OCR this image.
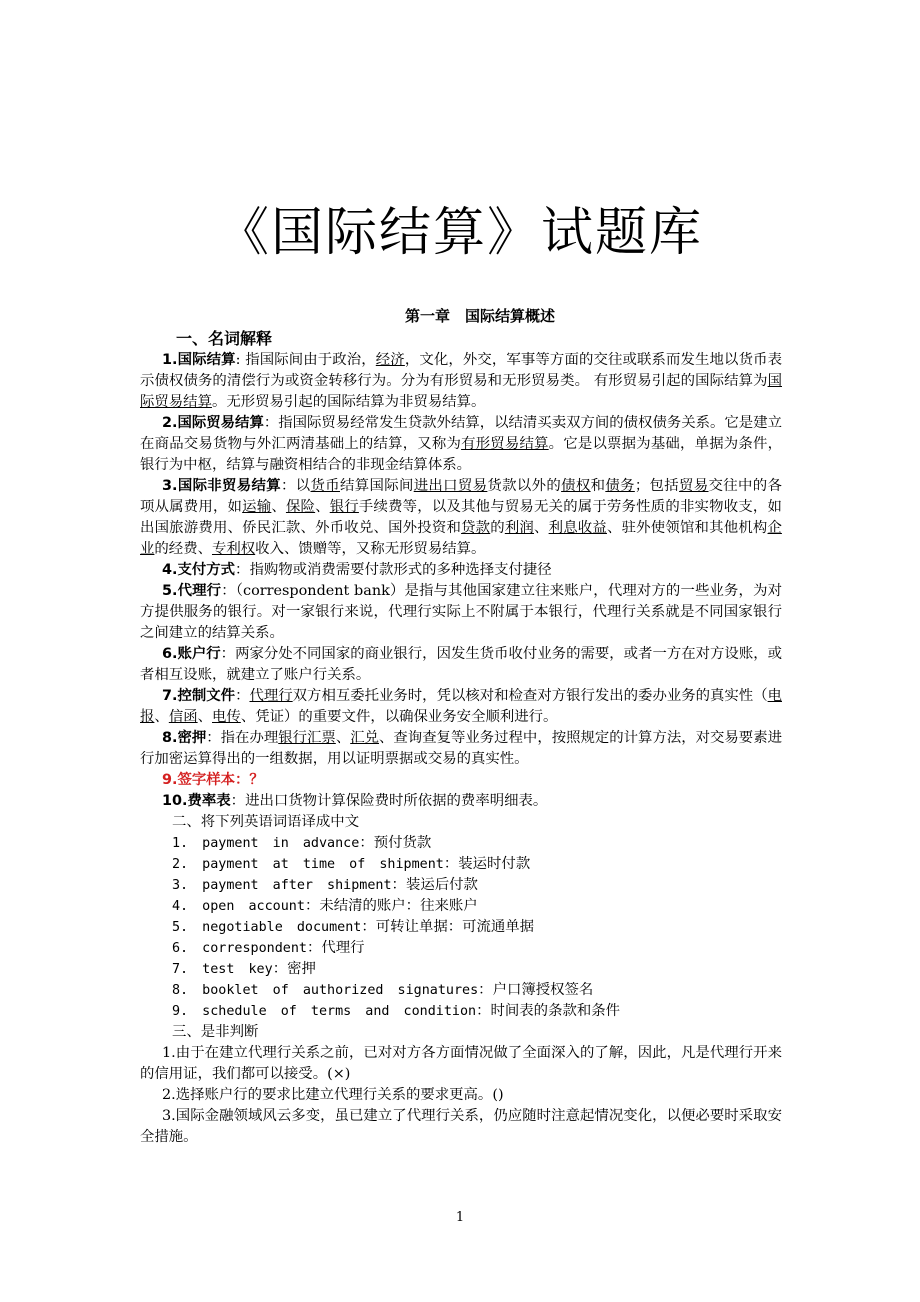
《国际结算》试题库
第一章　国际结算概述

一、名词解释

1.国际结算: 指国际间由于政治，经济，文化，外交，军事等方面的交往或联系而发生地以货币表示债权债务的清偿行为或资金转移行为。分为有形贸易和无形贸易类。 有形贸易引起的国际结算为国际贸易结算。无形贸易引起的国际结算为非贸易结算。

2.国际贸易结算：指国际贸易经常发生贷款外结算，以结清买卖双方间的债权债务关系。它是建立在商品交易货物与外汇两清基础上的结算，又称为有形贸易结算。它是以票据为基础，单据为条件，银行为中枢，结算与融资相结合的非现金结算体系。

3.国际非贸易结算：以货币结算国际间进出口贸易货款以外的债权和债务；包括贸易交往中的各项从属费用，如运输、保险、银行手续费等，以及其他与贸易无关的属于劳务性质的非实物收支，如出国旅游费用、侨民汇款、外币收兑、国外投资和贷款的利润、利息收益、驻外使领馆和其他机构企业的经费、专利权收入、馈赠等，又称无形贸易结算。

4.支付方式：指购物或消费需要付款形式的多种选择支付捷径

5.代理行：（correspondent bank）是指与其他国家建立往来账户，代理对方的一些业务，为对方提供服务的银行。对一家银行来说，代理行实际上不附属于本银行，代理行关系就是不同国家银行之间建立的结算关系。

6.账户行：两家分处不同国家的商业银行，因发生货币收付业务的需要，或者一方在对方设账，或者相互设账，就建立了账户行关系。

7.控制文件：代理行双方相互委托业务时，凭以核对和检查对方银行发出的委办业务的真实性（电报、信函、电传、凭证）的重要文件，以确保业务安全顺利进行。

8.密押：指在办理银行汇票、汇兑、查询查复等业务过程中，按照规定的计算方法，对交易要素进行加密运算得出的一组数据，用以证明票据或交易的真实性。

9.签字样本：？

10.费率表：进出口货物计算保险费时所依据的费率明细表。

二、将下列英语词语译成中文

1. payment in advance：预付货款

2. payment at time of shipment：装运时付款

3. payment after shipment：装运后付款

4. open account：未结清的账户：往来账户

5. negotiable document：可转让单据：可流通单据

6. correspondent：代理行

7. test key：密押

8. booklet of authorized signatures：户口簿授权签名

9. schedule of terms and condition：时间表的条款和条件

三、是非判断

1.由于在建立代理行关系之前，已对对方各方面情况做了全面深入的了解，因此，凡是代理行开来的信用证，我们都可以接受。(×)

2.选择账户行的要求比建立代理行关系的要求更高。()

3.国际金融领域风云多变，虽已建立了代理行关系，仍应随时注意起情况变化，以便必要时采取安全措施。

1
